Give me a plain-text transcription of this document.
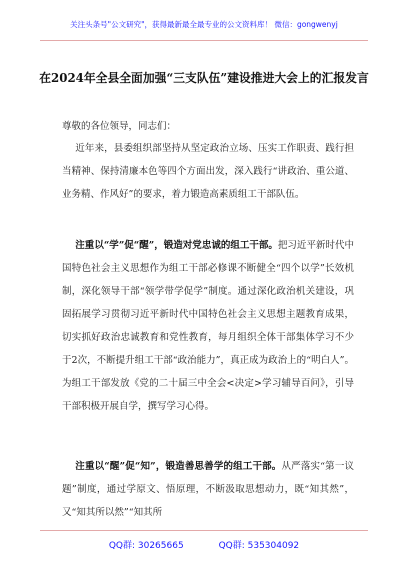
关注头条号"公文研究"，获得最新最全最专业的公文资料库！ 微信：gongwenyj
在2024年全县全面加强“三支队伍”建设推进大会上的汇报发言
尊敬的各位领导，同志们：

近年来，县委组织部坚持从坚定政治立场、压实工作职责、践行担当精神、保持清廉本色等四个方面出发，深入践行“讲政治、重公道、业务精、作风好”的要求，着力锻造高素质组工干部队伍。

注重以“学”促“醒”，锻造对党忠诚的组工干部。把习近平新时代中国特色社会主义思想作为组工干部必修课不断健全“四个以学”长效机制，深化领导干部“领学带学促学”制度。通过深化政治机关建设，巩固拓展学习贯彻习近平新时代中国特色社会主义思想主题教育成果，切实抓好政治忠诚教育和党性教育，每月组织全体干部集体学习不少于2次，不断提升组工干部“政治能力”，真正成为政治上的“明白人”。为组工干部发放《党的二十届三中全会<决定>学习辅导百问》，引导干部积极开展自学，撰写学习心得。

注重以“醒”促“知”，锻造善思善学的组工干部。从严落实“第一议题”制度，通过学原文、悟原理，不断汲取思想动力，既“知其然”，又“知其所以然”“知其所

QQ群: 30265665	QQ群: 535304092
